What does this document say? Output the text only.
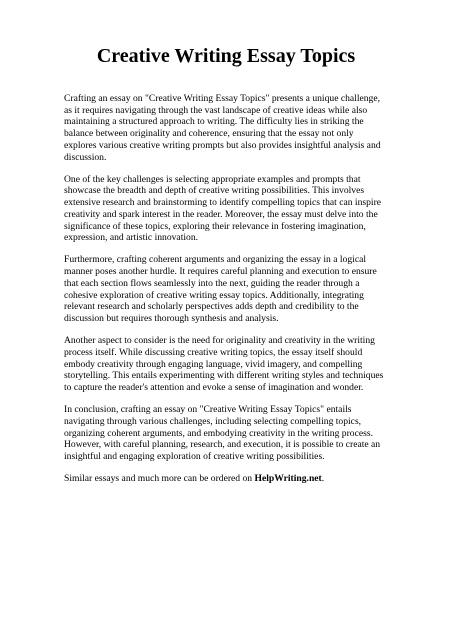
Creative Writing Essay Topics

Crafting an essay on "Creative Writing Essay Topics" presents a unique challenge, as it requires navigating through the vast landscape of creative ideas while also maintaining a structured approach to writing. The difficulty lies in striking the balance between originality and coherence, ensuring that the essay not only explores various creative writing prompts but also provides insightful analysis and discussion.

One of the key challenges is selecting appropriate examples and prompts that showcase the breadth and depth of creative writing possibilities. This involves extensive research and brainstorming to identify compelling topics that can inspire creativity and spark interest in the reader. Moreover, the essay must delve into the significance of these topics, exploring their relevance in fostering imagination, expression, and artistic innovation.

Furthermore, crafting coherent arguments and organizing the essay in a logical manner poses another hurdle. It requires careful planning and execution to ensure that each section flows seamlessly into the next, guiding the reader through a cohesive exploration of creative writing essay topics. Additionally, integrating relevant research and scholarly perspectives adds depth and credibility to the discussion but requires thorough synthesis and analysis.

Another aspect to consider is the need for originality and creativity in the writing process itself. While discussing creative writing topics, the essay itself should embody creativity through engaging language, vivid imagery, and compelling storytelling. This entails experimenting with different writing styles and techniques to capture the reader's attention and evoke a sense of imagination and wonder.

In conclusion, crafting an essay on "Creative Writing Essay Topics" entails navigating through various challenges, including selecting compelling topics, organizing coherent arguments, and embodying creativity in the writing process. However, with careful planning, research, and execution, it is possible to create an insightful and engaging exploration of creative writing possibilities.

Similar essays and much more can be ordered on HelpWriting.net.
